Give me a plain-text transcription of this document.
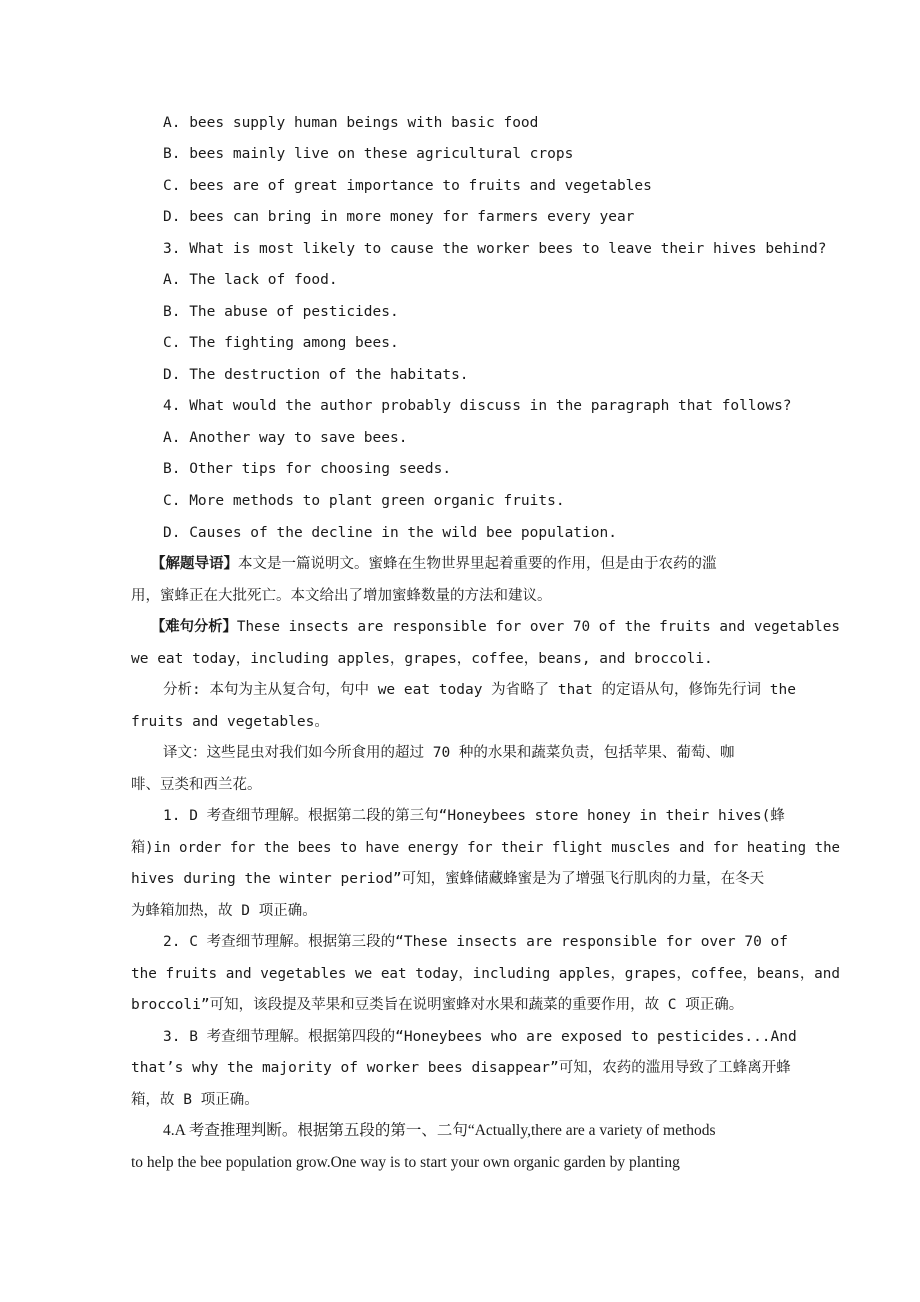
A. bees supply human beings with basic food
B. bees mainly live on these agricultural crops
C. bees are of great importance to fruits and vegetables
D. bees can bring in more money for farmers every year
3. What is most likely to cause the worker bees to leave their hives behind?
A. The lack of food.
B. The abuse of pesticides.
C. The fighting among bees.
D. The destruction of the habitats.
4. What would the author probably discuss in the paragraph that follows?
A. Another way to save bees.
B. Other tips for choosing seeds.
C. More methods to plant green organic fruits.
D. Causes of the decline in the wild bee population.
【解题导语】本文是一篇说明文。蜜蜂在生物世界里起着重要的作用，但是由于农药的滥
用，蜜蜂正在大批死亡。本文给出了增加蜜蜂数量的方法和建议。
【难句分析】These insects are responsible for over 70 of the fruits and vegetables
we eat today，including apples，grapes，coffee，beans, and broccoli.
分析: 本句为主从复合句，句中 we eat today 为省略了 that 的定语从句，修饰先行词 the
fruits and vegetables。
译文：这些昆虫对我们如今所食用的超过 70 种的水果和蔬菜负责，包括苹果、葡萄、咖
啡、豆类和西兰花。
1. D 考查细节理解。根据第二段的第三句“Honeybees store honey in their hives(蜂
箱)in order for the bees to have energy for their flight muscles and for heating the
hives during the winter period”可知，蜜蜂储藏蜂蜜是为了增强飞行肌肉的力量，在冬天
为蜂箱加热，故 D 项正确。
2. C 考查细节理解。根据第三段的“These insects are responsible for over 70 of
the fruits and vegetables we eat today，including apples，grapes，coffee，beans，and
broccoli”可知，该段提及苹果和豆类旨在说明蜜蜂对水果和蔬菜的重要作用，故 C 项正确。
3. B 考查细节理解。根据第四段的“Honeybees who are exposed to pesticides...And
that’s why the majority of worker bees disappear”可知，农药的滥用导致了工蜂离开蜂
箱，故 B 项正确。
4.A 考查推理判断。根据第五段的第一、二句“Actually,there are a variety of methods
to help the bee population grow.One way is to start your own organic garden by planting
